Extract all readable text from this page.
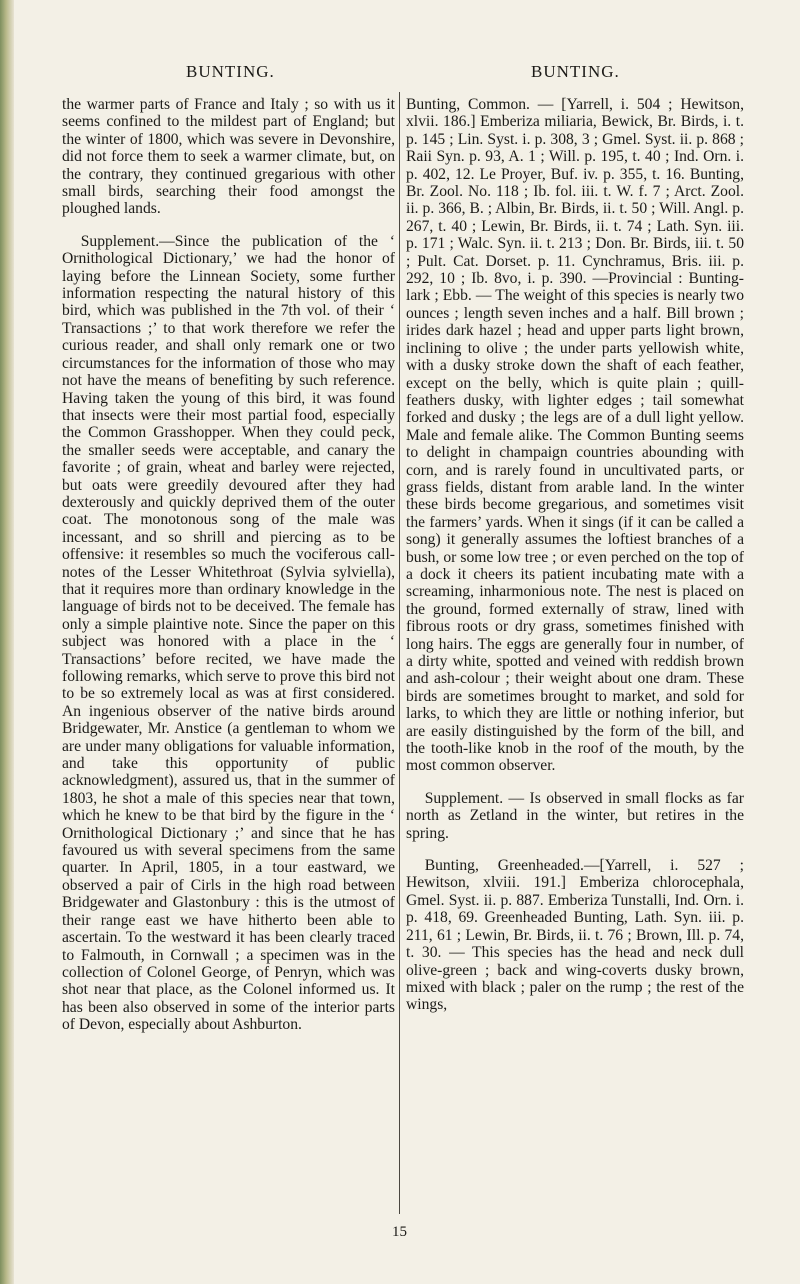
BUNTING.	BUNTING.

the warmer parts of France and Italy ; so with us it seems confined to the mildest part of England; but the winter of 1800, which was severe in Devonshire, did not force them to seek a warmer climate, but, on the contrary, they continued gregarious with other small birds, searching their food amongst the ploughed lands.

Supplement.—Since the publication of the ‘ Ornithological Dictionary,’ we had the honor of laying before the Linnean Society, some further information respecting the natural history of this bird, which was published in the 7th vol. of their ‘ Transactions ;’ to that work therefore we refer the curious reader, and shall only remark one or two circumstances for the information of those who may not have the means of benefiting by such reference. Having taken the young of this bird, it was found that insects were their most partial food, especially the Common Grasshopper. When they could peck, the smaller seeds were acceptable, and canary the favorite ; of grain, wheat and barley were rejected, but oats were greedily devoured after they had dexterously and quickly deprived them of the outer coat. The monotonous song of the male was incessant, and so shrill and piercing as to be offensive: it resembles so much the vociferous call-notes of the Lesser Whitethroat (Sylvia sylviella), that it requires more than ordinary knowledge in the language of birds not to be deceived. The female has only a simple plaintive note. Since the paper on this subject was honored with a place in the ‘ Transactions’ before recited, we have made the following remarks, which serve to prove this bird not to be so extremely local as was at first considered. An ingenious observer of the native birds around Bridgewater, Mr. Anstice (a gentleman to whom we are under many obligations for valuable information, and take this opportunity of public acknowledgment), assured us, that in the summer of 1803, he shot a male of this species near that town, which he knew to be that bird by the figure in the ‘ Ornithological Dictionary ;’ and since that he has favoured us with several specimens from the same quarter. In April, 1805, in a tour eastward, we observed a pair of Cirls in the high road between Bridgewater and Glastonbury : this is the utmost of their range east we have hitherto been able to ascertain. To the westward it has been clearly traced to Falmouth, in Cornwall ; a specimen was in the collection of Colonel George, of Penryn, which was shot near that place, as the Colonel informed us. It has been also observed in some of the interior parts of Devon, especially about Ashburton.

Bunting, Common. — [Yarrell, i. 504 ; Hewitson, xlvii. 186.] Emberiza miliaria, Bewick, Br. Birds, i. t. p. 145 ; Lin. Syst. i. p. 308, 3 ; Gmel. Syst. ii. p. 868 ; Raii Syn. p. 93, A. 1 ; Will. p. 195, t. 40 ; Ind. Orn. i. p. 402, 12. Le Proyer, Buf. iv. p. 355, t. 16. Bunting, Br. Zool. No. 118 ; Ib. fol. iii. t. W. f. 7 ; Arct. Zool. ii. p. 366, B. ; Albin, Br. Birds, ii. t. 50 ; Will. Angl. p. 267, t. 40 ; Lewin, Br. Birds, ii. t. 74 ; Lath. Syn. iii. p. 171 ; Walc. Syn. ii. t. 213 ; Don. Br. Birds, iii. t. 50 ; Pult. Cat. Dorset. p. 11. Cynchramus, Bris. iii. p. 292, 10 ; Ib. 8vo, i. p. 390. —Provincial : Bunting-lark ; Ebb. — The weight of this species is nearly two ounces ; length seven inches and a half. Bill brown ; irides dark hazel ; head and upper parts light brown, inclining to olive ; the under parts yellowish white, with a dusky stroke down the shaft of each feather, except on the belly, which is quite plain ; quill-feathers dusky, with lighter edges ; tail somewhat forked and dusky ; the legs are of a dull light yellow. Male and female alike. The Common Bunting seems to delight in champaign countries abounding with corn, and is rarely found in uncultivated parts, or grass fields, distant from arable land. In the winter these birds become gregarious, and sometimes visit the farmers’ yards. When it sings (if it can be called a song) it generally assumes the loftiest branches of a bush, or some low tree ; or even perched on the top of a dock it cheers its patient incubating mate with a screaming, inharmonious note. The nest is placed on the ground, formed externally of straw, lined with fibrous roots or dry grass, sometimes finished with long hairs. The eggs are generally four in number, of a dirty white, spotted and veined with reddish brown and ash-colour ; their weight about one dram. These birds are sometimes brought to market, and sold for larks, to which they are little or nothing inferior, but are easily distinguished by the form of the bill, and the tooth-like knob in the roof of the mouth, by the most common observer.

Supplement. — Is observed in small flocks as far north as Zetland in the winter, but retires in the spring.

Bunting, Greenheaded.—[Yarrell, i. 527 ; Hewitson, xlviii. 191.] Emberiza chlorocephala, Gmel. Syst. ii. p. 887. Emberiza Tunstalli, Ind. Orn. i. p. 418, 69. Greenheaded Bunting, Lath. Syn. iii. p. 211, 61 ; Lewin, Br. Birds, ii. t. 76 ; Brown, Ill. p. 74, t. 30. — This species has the head and neck dull olive-green ; back and wing-coverts dusky brown, mixed with black ; paler on the rump ; the rest of the wings,

15
